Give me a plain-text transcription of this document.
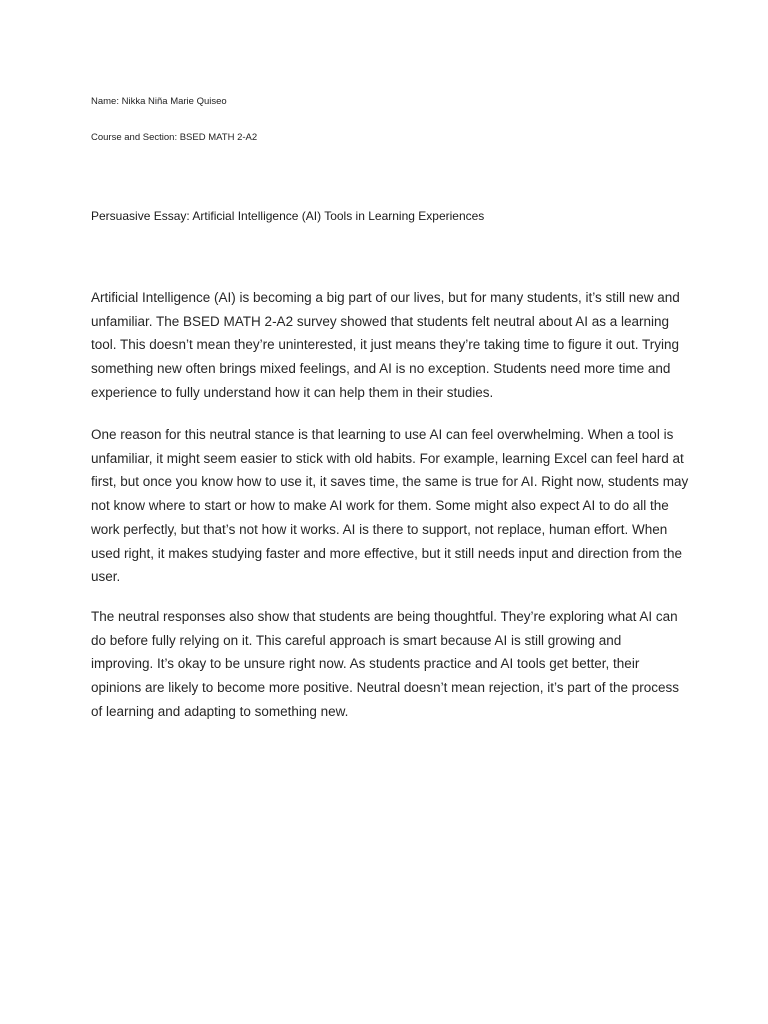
Name: Nikka Niña Marie Quiseo
Course and Section: BSED MATH 2-A2
Persuasive Essay: Artificial Intelligence (AI) Tools in Learning Experiences
Artificial Intelligence (AI) is becoming a big part of our lives, but for many students, it’s still new and
unfamiliar. The BSED MATH 2-A2 survey showed that students felt neutral about AI as a learning
tool. This doesn’t mean they’re uninterested, it just means they’re taking time to figure it out. Trying
something new often brings mixed feelings, and AI is no exception. Students need more time and
experience to fully understand how it can help them in their studies.
One reason for this neutral stance is that learning to use AI can feel overwhelming. When a tool is
unfamiliar, it might seem easier to stick with old habits. For example, learning Excel can feel hard at
first, but once you know how to use it, it saves time, the same is true for AI. Right now, students may
not know where to start or how to make AI work for them. Some might also expect AI to do all the
work perfectly, but that’s not how it works. AI is there to support, not replace, human effort. When
used right, it makes studying faster and more effective, but it still needs input and direction from the
user.
The neutral responses also show that students are being thoughtful. They’re exploring what AI can
do before fully relying on it. This careful approach is smart because AI is still growing and
improving. It’s okay to be unsure right now. As students practice and AI tools get better, their
opinions are likely to become more positive. Neutral doesn’t mean rejection, it’s part of the process
of learning and adapting to something new.
